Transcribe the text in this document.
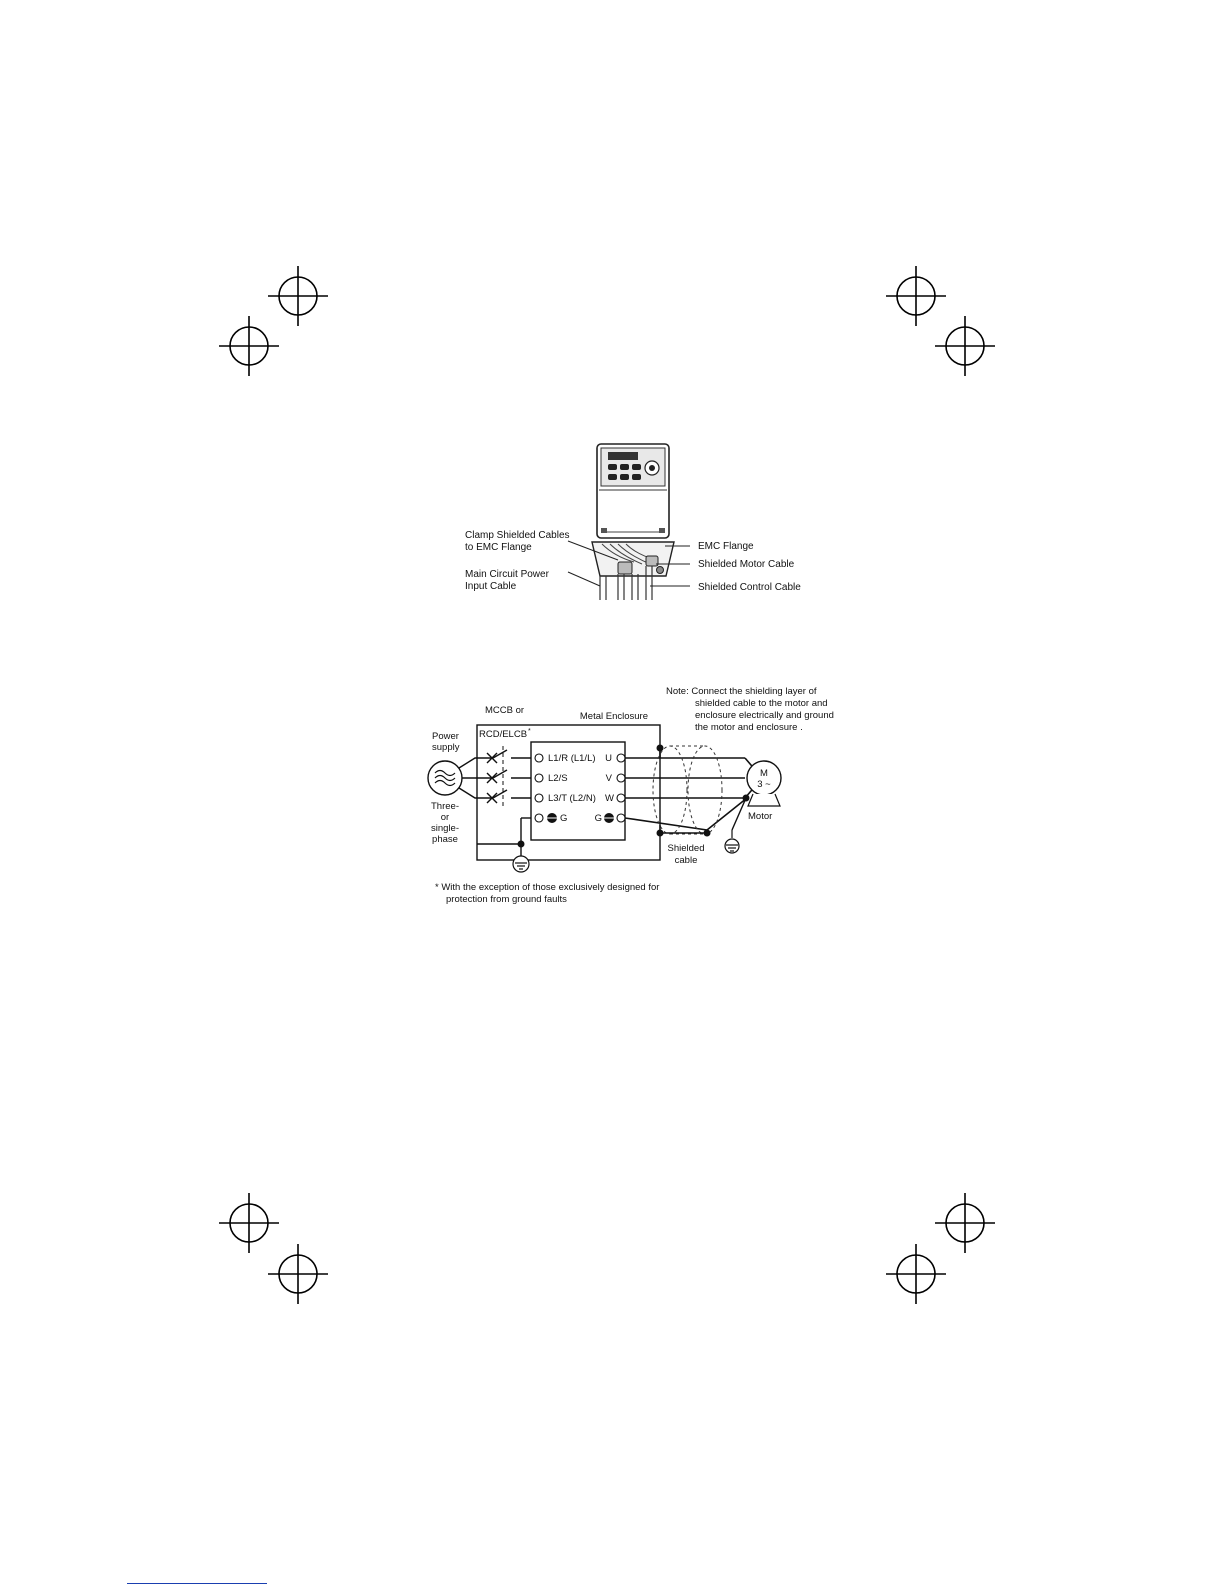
Clamp Shielded Cables
to EMC Flange
Main Circuit Power
Input Cable
EMC Flange
Shielded Motor Cable
Shielded Control Cable
Note: Connect the shielding layer of
shielded cable to the motor and
enclosure electrically and ground
the motor and enclosure .
Metal Enclosure
MCCB or
RCD/ELCB *
Power
supply
Three-
or
single-
phase
L1/R (L1/L)
L2/S
L3/T (L2/N)
G
U
V
W
G
M
3 ~
Motor
Shielded
cable
* With the exception of those exclusively designed for
protection from ground faults
